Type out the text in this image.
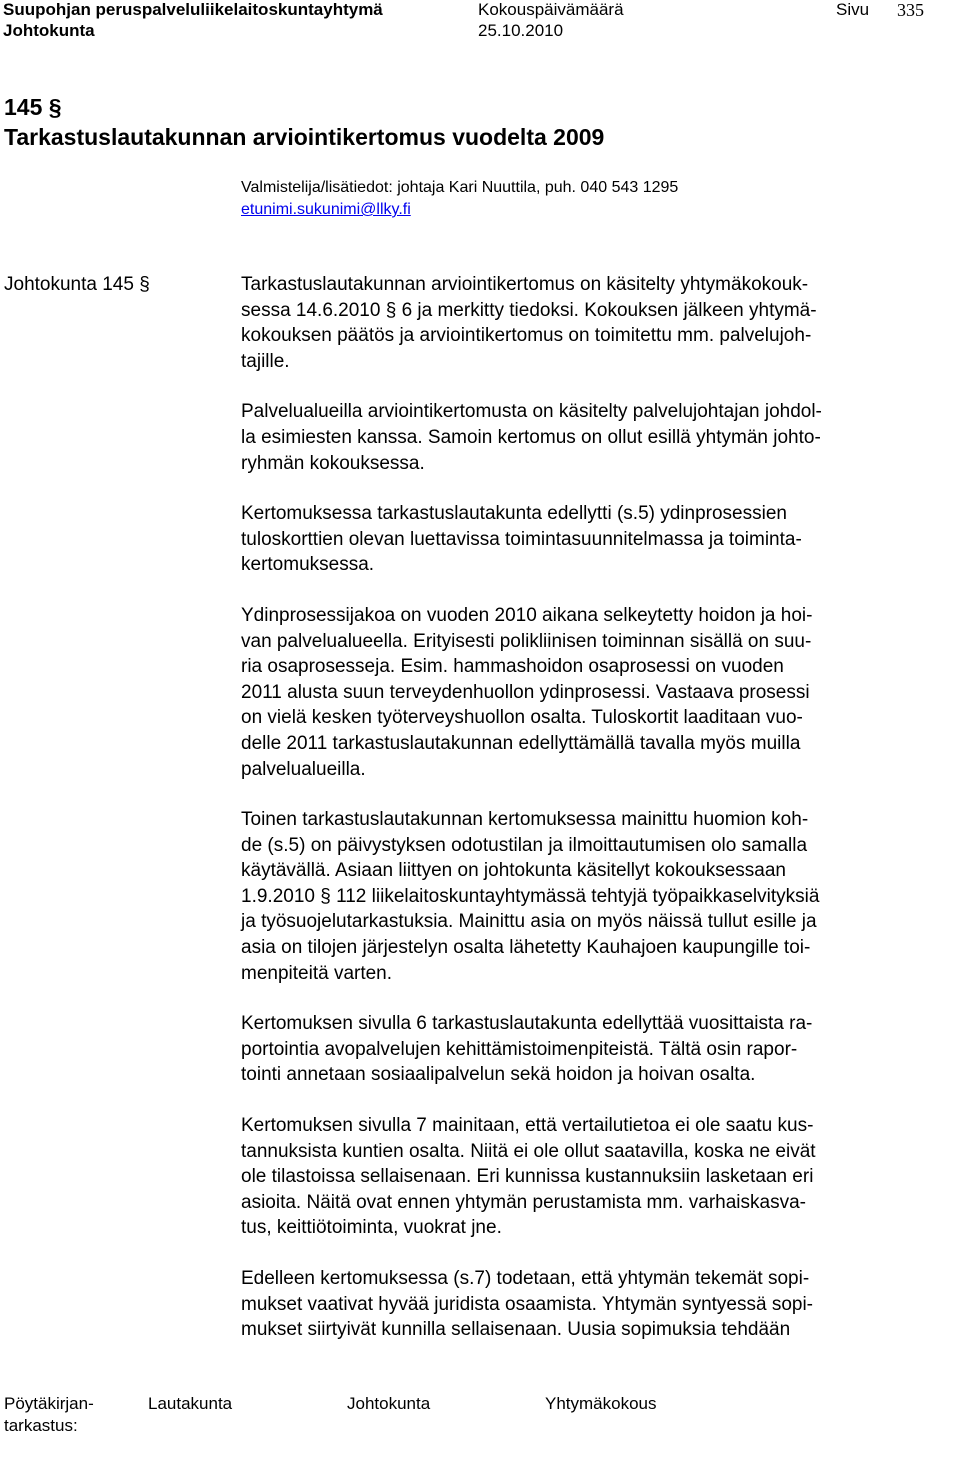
Suupohjan peruspalveluliikelaitoskuntayhtymä	Kokouspäivämäärä	Sivu 335
Johtokunta	25.10.2010
145 §
Tarkastuslautakunnan arviointikertomus vuodelta 2009
Valmistelija/lisätiedot: johtaja Kari Nuuttila, puh. 040 543 1295
etunimi.sukunimi@llky.fi
Johtokunta 145 §	Tarkastuslautakunnan arviointikertomus on käsitelty yhtymäkokouk-
sessa 14.6.2010 § 6 ja merkitty tiedoksi. Kokouksen jälkeen yhtymä-
kokouksen päätös ja arviointikertomus on toimitettu mm. palvelujoh-
tajille.

Palvelualueilla arviointikertomusta on käsitelty palvelujohtajan johdol-
la esimiesten kanssa. Samoin kertomus on ollut esillä yhtymän johto-
ryhmän kokouksessa.

Kertomuksessa tarkastuslautakunta edellytti (s.5) ydinprosessien
tuloskorttien olevan luettavissa toimintasuunnitelmassa ja toiminta-
kertomuksessa.

Ydinprosessijakoa on vuoden 2010 aikana selkeytetty hoidon ja hoi-
van palvelualueella. Erityisesti polikliinisen toiminnan sisällä on suu-
ria osaprosesseja. Esim. hammashoidon osaprosessi on vuoden
2011 alusta suun terveydenhuollon ydinprosessi. Vastaava prosessi
on vielä kesken työterveyshuollon osalta. Tuloskortit laaditaan vuo-
delle 2011 tarkastuslautakunnan edellyttämällä tavalla myös muilla
palvelualueilla.

Toinen tarkastuslautakunnan kertomuksessa mainittu huomion koh-
de (s.5) on päivystyksen odotustilan ja ilmoittautumisen olo samalla
käytävällä. Asiaan liittyen on johtokunta käsitellyt kokouksessaan
1.9.2010 § 112 liikelaitoskuntayhtymässä tehtyjä työpaikkaselvityksiä
ja työsuojelutarkastuksia. Mainittu asia on myös näissä tullut esille ja
asia on tilojen järjestelyn osalta lähetetty Kauhajoen kaupungille toi-
menpiteitä varten.

Kertomuksen sivulla 6 tarkastuslautakunta edellyttää vuosittaista ra-
portointia avopalvelujen kehittämistoimenpiteistä. Tältä osin rapor-
tointi annetaan sosiaalipalvelun sekä hoidon ja hoivan osalta.

Kertomuksen sivulla 7 mainitaan, että vertailutietoa ei ole saatu kus-
tannuksista kuntien osalta. Niitä ei ole ollut saatavilla, koska ne eivät
ole tilastoissa sellaisenaan. Eri kunnissa kustannuksiin lasketaan eri
asioita. Näitä ovat ennen yhtymän perustamista mm. varhaiskasva-
tus, keittiötoiminta, vuokrat jne.

Edelleen kertomuksessa (s.7) todetaan, että yhtymän tekemät sopi-
mukset vaativat hyvää juridista osaamista. Yhtymän syntyessä sopi-
mukset siirtyivät kunnilla sellaisenaan. Uusia sopimuksia tehdään

Pöytäkirjan-
tarkastus:
Lautakunta	Johtokunta	Yhtymäkokous
